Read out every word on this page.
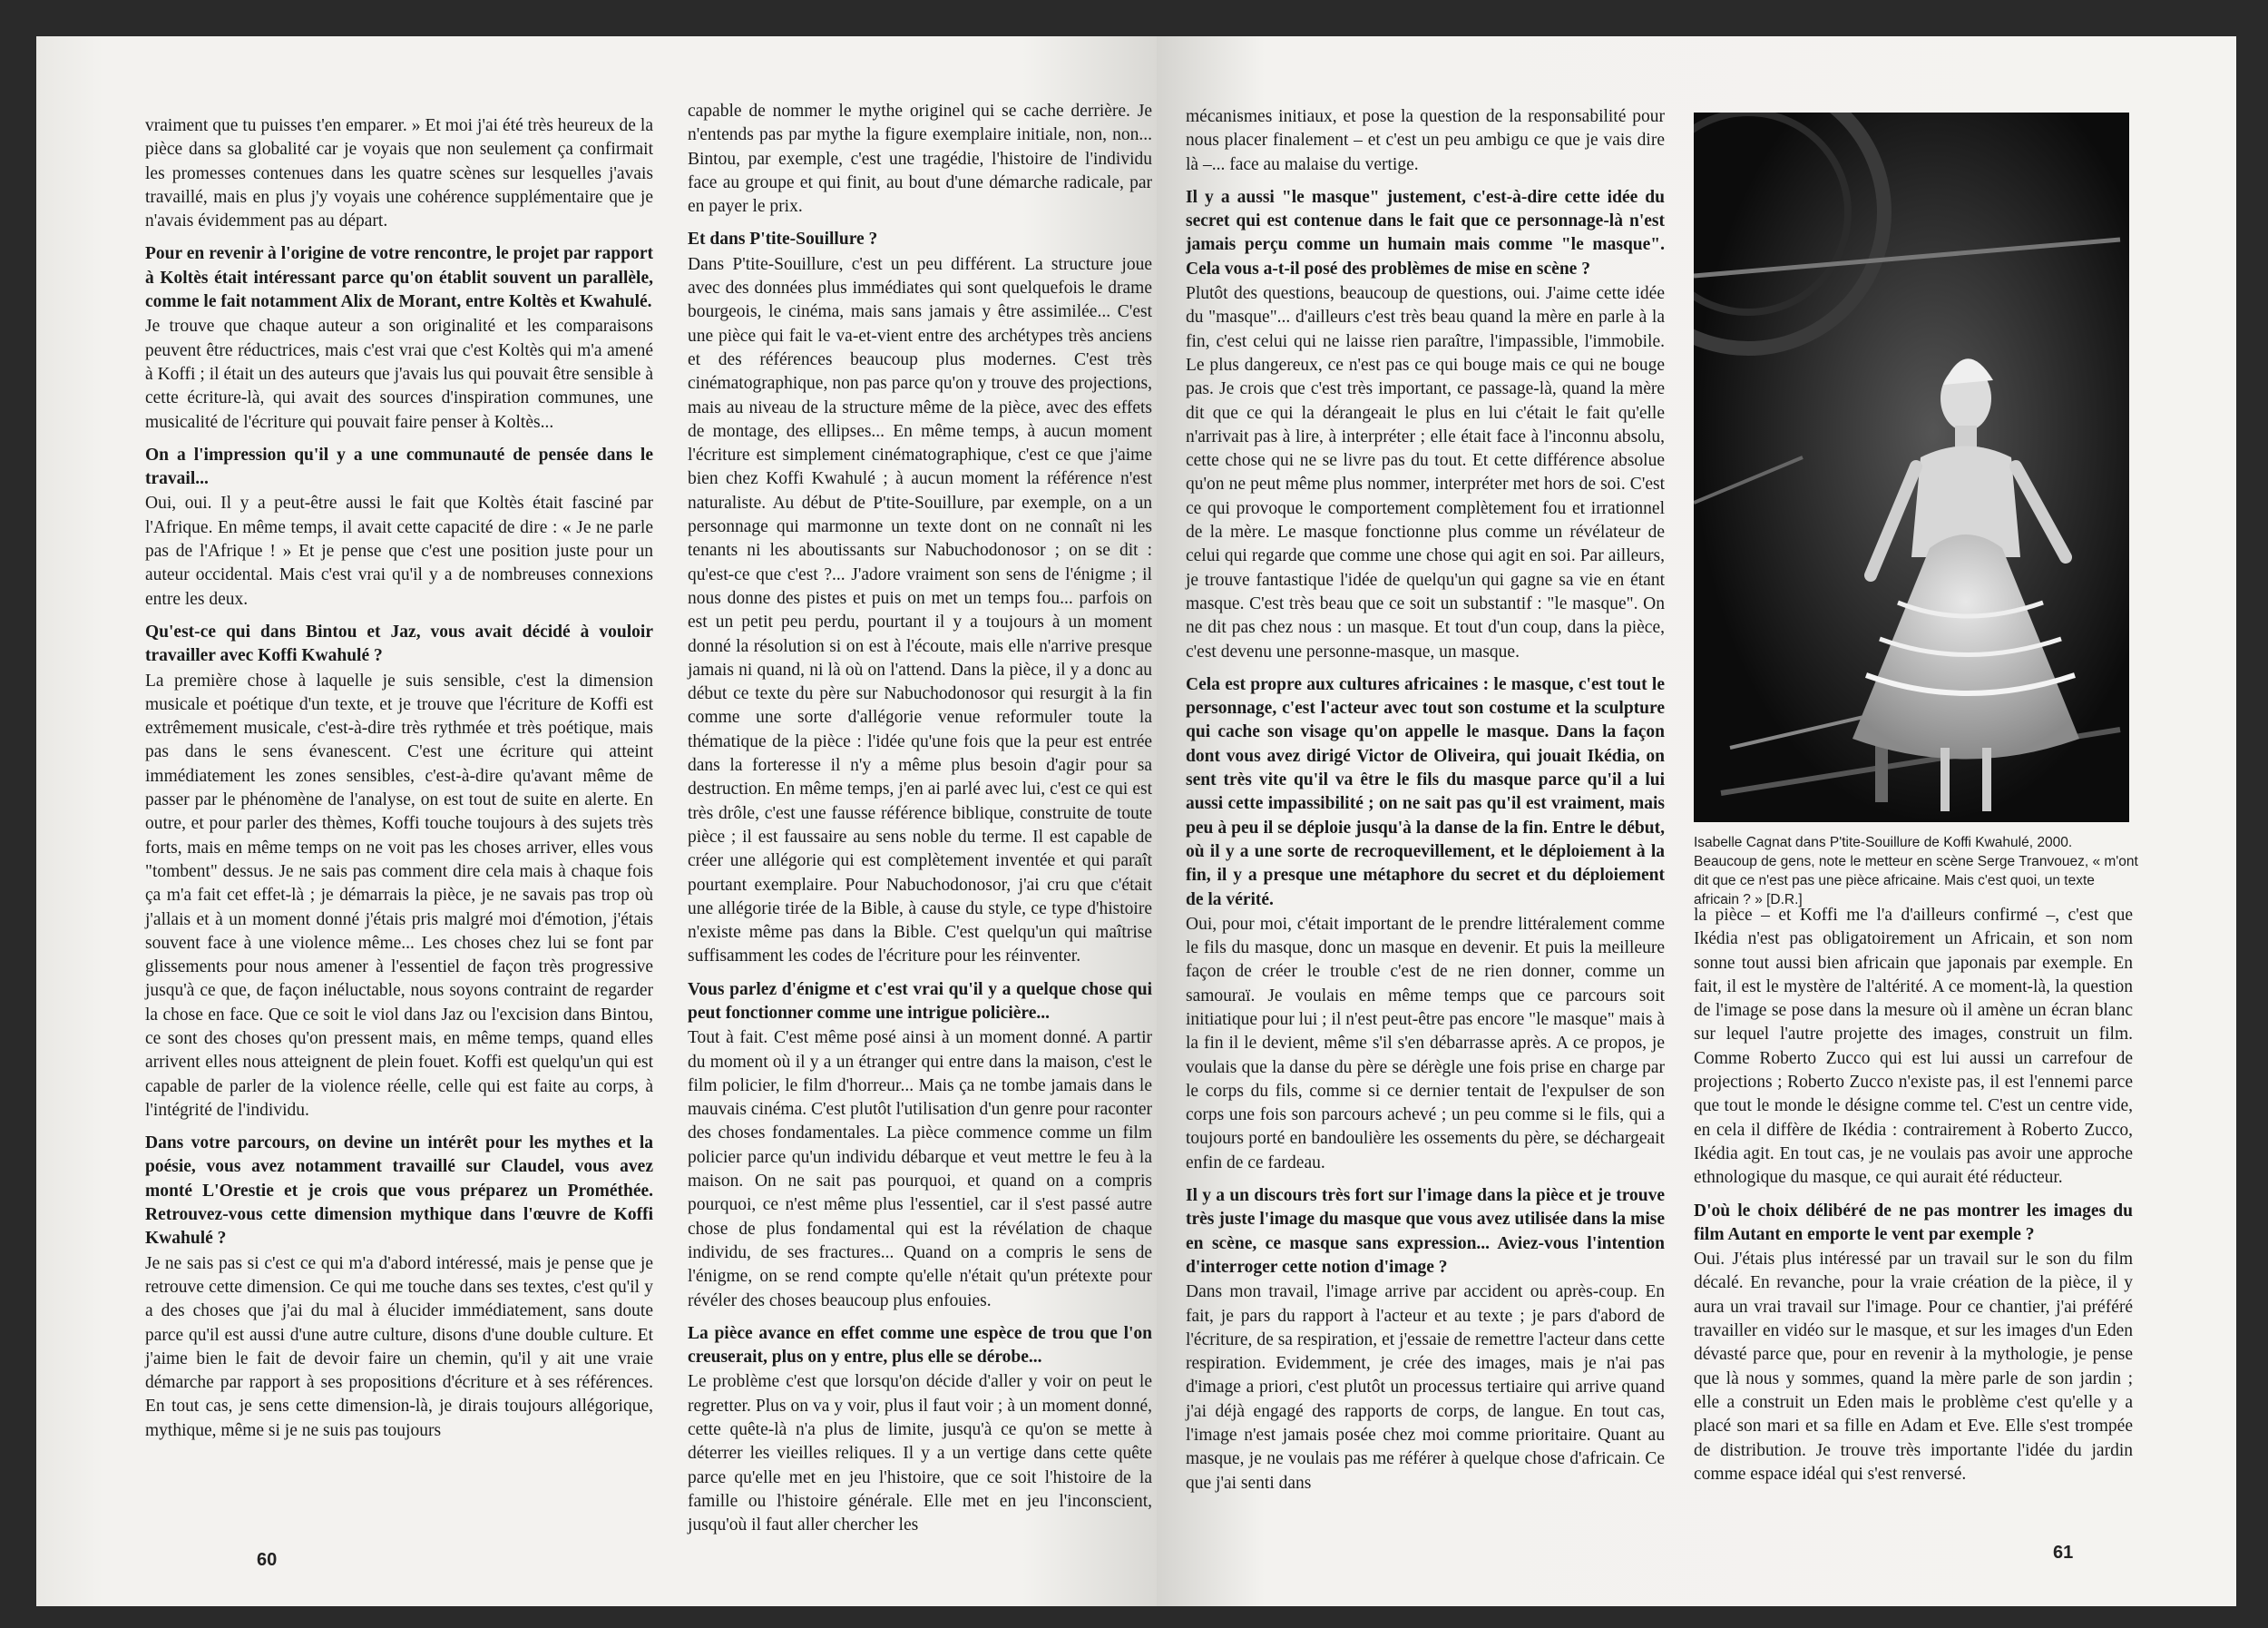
vraiment que tu puisses t'en emparer. » Et moi j'ai été très heureux de la pièce dans sa globalité car je voyais que non seulement ça confirmait les promesses contenues dans les quatre scènes sur lesquelles j'avais travaillé, mais en plus j'y voyais une cohérence supplémentaire que je n'avais évidemment pas au départ.

Pour en revenir à l'origine de votre rencontre, le projet par rapport à Koltès était intéressant parce qu'on établit souvent un parallèle, comme le fait notamment Alix de Morant, entre Koltès et Kwahulé.

Je trouve que chaque auteur a son originalité et les comparaisons peuvent être réductrices, mais c'est vrai que c'est Koltès qui m'a amené à Koffi ; il était un des auteurs que j'avais lus qui pouvait être sensible à cette écriture-là, qui avait des sources d'inspiration communes, une musicalité de l'écriture qui pouvait faire penser à Koltès...

On a l'impression qu'il y a une communauté de pensée dans le travail...

Oui, oui. Il y a peut-être aussi le fait que Koltès était fasciné par l'Afrique. En même temps, il avait cette capacité de dire : « Je ne parle pas de l'Afrique ! » Et je pense que c'est une position juste pour un auteur occidental. Mais c'est vrai qu'il y a de nombreuses connexions entre les deux.

Qu'est-ce qui dans Bintou et Jaz, vous avait décidé à vouloir travailler avec Koffi Kwahulé ?

La première chose à laquelle je suis sensible, c'est la dimension musicale et poétique d'un texte, et je trouve que l'écriture de Koffi est extrêmement musicale, c'est-à-dire très rythmée et très poétique, mais pas dans le sens évanescent. C'est une écriture qui atteint immédiatement les zones sensibles, c'est-à-dire qu'avant même de passer par le phénomène de l'analyse, on est tout de suite en alerte. En outre, et pour parler des thèmes, Koffi touche toujours à des sujets très forts, mais en même temps on ne voit pas les choses arriver, elles vous "tombent" dessus. Je ne sais pas comment dire cela mais à chaque fois ça m'a fait cet effet-là ; je démarrais la pièce, je ne savais pas trop où j'allais et à un moment donné j'étais pris malgré moi d'émotion, j'étais souvent face à une violence même... Les choses chez lui se font par glissements pour nous amener à l'essentiel de façon très progressive jusqu'à ce que, de façon inéluctable, nous soyons contraint de regarder la chose en face. Que ce soit le viol dans Jaz ou l'excision dans Bintou, ce sont des choses qu'on pressent mais, en même temps, quand elles arrivent elles nous atteignent de plein fouet. Koffi est quelqu'un qui est capable de parler de la violence réelle, celle qui est faite au corps, à l'intégrité de l'individu.

Dans votre parcours, on devine un intérêt pour les mythes et la poésie, vous avez notamment travaillé sur Claudel, vous avez monté L'Orestie et je crois que vous préparez un Prométhée. Retrouvez-vous cette dimension mythique dans l'œuvre de Koffi Kwahulé ?

Je ne sais pas si c'est ce qui m'a d'abord intéressé, mais je pense que je retrouve cette dimension. Ce qui me touche dans ses textes, c'est qu'il y a des choses que j'ai du mal à élucider immédiatement, sans doute parce qu'il est aussi d'une autre culture, disons d'une double culture. Et j'aime bien le fait de devoir faire un chemin, qu'il y ait une vraie démarche par rapport à ses propositions d'écriture et à ses références. En tout cas, je sens cette dimension-là, je dirais toujours allégorique, mythique, même si je ne suis pas toujours

capable de nommer le mythe originel qui se cache derrière. Je n'entends pas par mythe la figure exemplaire initiale, non, non... Bintou, par exemple, c'est une tragédie, l'histoire de l'individu face au groupe et qui finit, au bout d'une démarche radicale, par en payer le prix.

Et dans P'tite-Souillure ?

Dans P'tite-Souillure, c'est un peu différent. La structure joue avec des données plus immédiates qui sont quelquefois le drame bourgeois, le cinéma, mais sans jamais y être assimilée... C'est une pièce qui fait le va-et-vient entre des archétypes très anciens et des références beaucoup plus modernes. C'est très cinématographique, non pas parce qu'on y trouve des projections, mais au niveau de la structure même de la pièce, avec des effets de montage, des ellipses... En même temps, à aucun moment l'écriture est simplement cinématographique, c'est ce que j'aime bien chez Koffi Kwahulé ; à aucun moment la référence n'est naturaliste. Au début de P'tite-Souillure, par exemple, on a un personnage qui marmonne un texte dont on ne connaît ni les tenants ni les aboutissants sur Nabuchodonosor ; on se dit : qu'est-ce que c'est ?... J'adore vraiment son sens de l'énigme ; il nous donne des pistes et puis on met un temps fou... parfois on est un petit peu perdu, pourtant il y a toujours à un moment donné la résolution si on est à l'écoute, mais elle n'arrive presque jamais ni quand, ni là où on l'attend. Dans la pièce, il y a donc au début ce texte du père sur Nabuchodonosor qui resurgit à la fin comme une sorte d'allégorie venue reformuler toute la thématique de la pièce : l'idée qu'une fois que la peur est entrée dans la forteresse il n'y a même plus besoin d'agir pour sa destruction. En même temps, j'en ai parlé avec lui, c'est ce qui est très drôle, c'est une fausse référence biblique, construite de toute pièce ; il est faussaire au sens noble du terme. Il est capable de créer une allégorie qui est complètement inventée et qui paraît pourtant exemplaire. Pour Nabuchodonosor, j'ai cru que c'était une allégorie tirée de la Bible, à cause du style, ce type d'histoire n'existe même pas dans la Bible. C'est quelqu'un qui maîtrise suffisamment les codes de l'écriture pour les réinventer.

Vous parlez d'énigme et c'est vrai qu'il y a quelque chose qui peut fonctionner comme une intrigue policière...

Tout à fait. C'est même posé ainsi à un moment donné. A partir du moment où il y a un étranger qui entre dans la maison, c'est le film policier, le film d'horreur... Mais ça ne tombe jamais dans le mauvais cinéma. C'est plutôt l'utilisation d'un genre pour raconter des choses fondamentales. La pièce commence comme un film policier parce qu'un individu débarque et veut mettre le feu à la maison. On ne sait pas pourquoi, et quand on a compris pourquoi, ce n'est même plus l'essentiel, car il s'est passé autre chose de plus fondamental qui est la révélation de chaque individu, de ses fractures... Quand on a compris le sens de l'énigme, on se rend compte qu'elle n'était qu'un prétexte pour révéler des choses beaucoup plus enfouies.

La pièce avance en effet comme une espèce de trou que l'on creuserait, plus on y entre, plus elle se dérobe...

Le problème c'est que lorsqu'on décide d'aller y voir on peut le regretter. Plus on va y voir, plus il faut voir ; à un moment donné, cette quête-là n'a plus de limite, jusqu'à ce qu'on se mette à déterrer les vieilles reliques. Il y a un vertige dans cette quête parce qu'elle met en jeu l'histoire, que ce soit l'histoire de la famille ou l'histoire générale. Elle met en jeu l'inconscient, jusqu'où il faut aller chercher les

60

mécanismes initiaux, et pose la question de la responsabilité pour nous placer finalement – et c'est un peu ambigu ce que je vais dire là –... face au malaise du vertige.

Il y a aussi "le masque" justement, c'est-à-dire cette idée du secret qui est contenue dans le fait que ce personnage-là n'est jamais perçu comme un humain mais comme "le masque". Cela vous a-t-il posé des problèmes de mise en scène ?

Plutôt des questions, beaucoup de questions, oui. J'aime cette idée du "masque"... d'ailleurs c'est très beau quand la mère en parle à la fin, c'est celui qui ne laisse rien paraître, l'impassible, l'immobile. Le plus dangereux, ce n'est pas ce qui bouge mais ce qui ne bouge pas. Je crois que c'est très important, ce passage-là, quand la mère dit que ce qui la dérangeait le plus en lui c'était le fait qu'elle n'arrivait pas à lire, à interpréter ; elle était face à l'inconnu absolu, cette chose qui ne se livre pas du tout. Et cette différence absolue qu'on ne peut même plus nommer, interpréter met hors de soi. C'est ce qui provoque le comportement complètement fou et irrationnel de la mère. Le masque fonctionne plus comme un révélateur de celui qui regarde que comme une chose qui agit en soi. Par ailleurs, je trouve fantastique l'idée de quelqu'un qui gagne sa vie en étant masque. C'est très beau que ce soit un substantif : "le masque". On ne dit pas chez nous : un masque. Et tout d'un coup, dans la pièce, c'est devenu une personne-masque, un masque.

Cela est propre aux cultures africaines : le masque, c'est tout le personnage, c'est l'acteur avec tout son costume et la sculpture qui cache son visage qu'on appelle le masque. Dans la façon dont vous avez dirigé Victor de Oliveira, qui jouait Ikédia, on sent très vite qu'il va être le fils du masque parce qu'il a lui aussi cette impassibilité ; on ne sait pas qu'il est vraiment, mais peu à peu il se déploie jusqu'à la danse de la fin. Entre le début, où il y a une sorte de recroquevillement, et le déploiement à la fin, il y a presque une métaphore du secret et du déploiement de la vérité.

Oui, pour moi, c'était important de le prendre littéralement comme le fils du masque, donc un masque en devenir. Et puis la meilleure façon de créer le trouble c'est de ne rien donner, comme un samouraï. Je voulais en même temps que ce parcours soit initiatique pour lui ; il n'est peut-être pas encore "le masque" mais à la fin il le devient, même s'il s'en débarrasse après. A ce propos, je voulais que la danse du père se dérègle une fois prise en charge par le corps du fils, comme si ce dernier tentait de l'expulser de son corps une fois son parcours achevé ; un peu comme si le fils, qui a toujours porté en bandoulière les ossements du père, se déchargeait enfin de ce fardeau.

Il y a un discours très fort sur l'image dans la pièce et je trouve très juste l'image du masque que vous avez utilisée dans la mise en scène, ce masque sans expression... Aviez-vous l'intention d'interroger cette notion d'image ?

Dans mon travail, l'image arrive par accident ou après-coup. En fait, je pars du rapport à l'acteur et au texte ; je pars d'abord de l'écriture, de sa respiration, et j'essaie de remettre l'acteur dans cette respiration. Evidemment, je crée des images, mais je n'ai pas d'image a priori, c'est plutôt un processus tertiaire qui arrive quand j'ai déjà engagé des rapports de corps, de langue. En tout cas, l'image n'est jamais posée chez moi comme prioritaire. Quant au masque, je ne voulais pas me référer à quelque chose d'africain. Ce que j'ai senti dans

Isabelle Cagnat dans P'tite-Souillure de Koffi Kwahulé, 2000. Beaucoup de gens, note le metteur en scène Serge Tranvouez, « m'ont dit que ce n'est pas une pièce africaine. Mais c'est quoi, un texte africain ? » [D.R.]

la pièce – et Koffi me l'a d'ailleurs confirmé –, c'est que Ikédia n'est pas obligatoirement un Africain, et son nom sonne tout aussi bien africain que japonais par exemple. En fait, il est le mystère de l'altérité. A ce moment-là, la question de l'image se pose dans la mesure où il amène un écran blanc sur lequel l'autre projette des images, construit un film. Comme Roberto Zucco qui est lui aussi un carrefour de projections ; Roberto Zucco n'existe pas, il est l'ennemi parce que tout le monde le désigne comme tel. C'est un centre vide, en cela il diffère de Ikédia : contrairement à Roberto Zucco, Ikédia agit. En tout cas, je ne voulais pas avoir une approche ethnologique du masque, ce qui aurait été réducteur.

D'où le choix délibéré de ne pas montrer les images du film Autant en emporte le vent par exemple ?

Oui. J'étais plus intéressé par un travail sur le son du film décalé. En revanche, pour la vraie création de la pièce, il y aura un vrai travail sur l'image. Pour ce chantier, j'ai préféré travailler en vidéo sur le masque, et sur les images d'un Eden dévasté parce que, pour en revenir à la mythologie, je pense que là nous y sommes, quand la mère parle de son jardin ; elle a construit un Eden mais le problème c'est qu'elle y a placé son mari et sa fille en Adam et Eve. Elle s'est trompée de distribution. Je trouve très importante l'idée du jardin comme espace idéal qui s'est renversé.

61
